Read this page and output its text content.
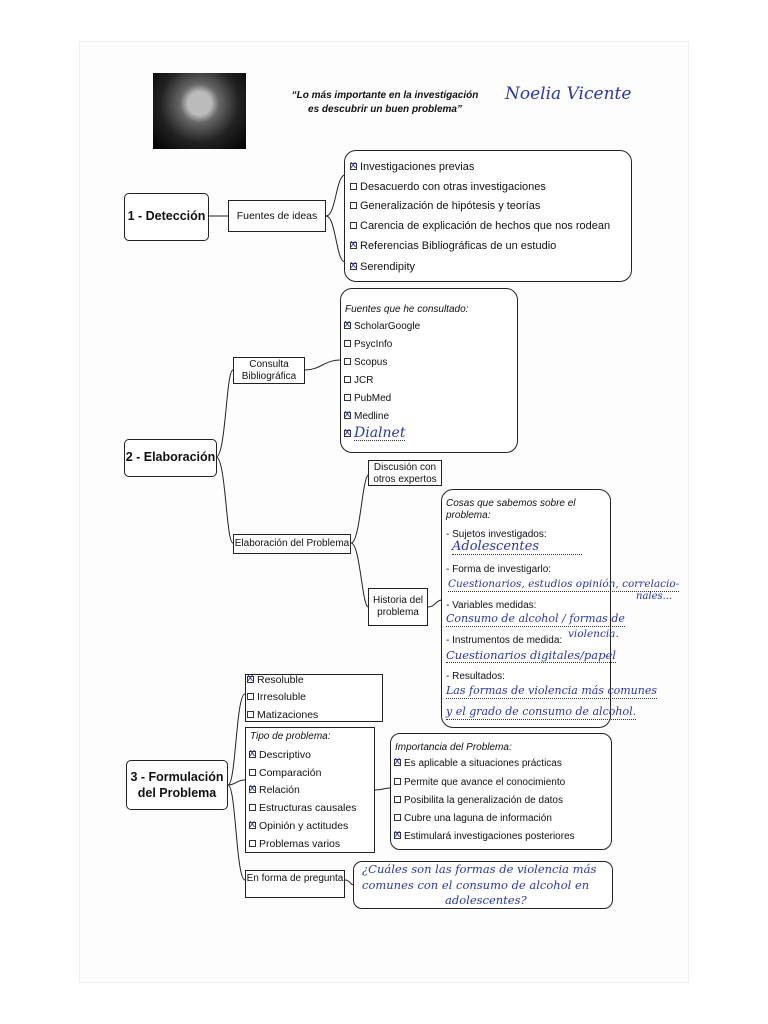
“Lo más importante en la investigación
es descubrir un buen problema”
Noelia Vicente
1 - Detección	Fuentes de ideas
xInvestigaciones previas
Desacuerdo con otras investigaciones
Generalización de hipótesis y teorías
Carencia de explicación de hechos que nos rodean
xReferencias Bibliográficas de un estudio
xSerendipity
2 - Elaboración
Consulta Bibliográfica
Fuentes que he consultado:
xScholarGoogle
PsycInfo
Scopus
JCR
PubMed
xMedline
xDialnet
Elaboración del Problema
Discusión con otros expertos
Historia del problema
Cosas que sabemos sobre el problema:
- Sujetos investigados:
Adolescentes
- Forma de investigarlo:
Cuestionarios, estudios opinión, correlacio-
nales...
- Variables medidas:
Consumo de alcohol / formas de
violencia.
- Instrumentos de medida:
Cuestionarios digitales/papel
- Resultados:
Las formas de violencia más comunes
y el grado de consumo de alcohol.
3 - Formulación
del Problema
xResoluble
Irresoluble
Matizaciones
Tipo de problema:
xDescriptivo
Comparación
xRelación
Estructuras causales
xOpinión y actitudes
Problemas varios
Importancia del Problema:
xEs aplicable a situaciones prácticas
Permite que avance el conocimiento
Posibilita la generalización de datos
Cubre una laguna de información
xEstimulará investigaciones posteriores
En forma de pregunta
¿Cuáles son las formas de violencia más
comunes con el consumo de alcohol en
adolescentes?
